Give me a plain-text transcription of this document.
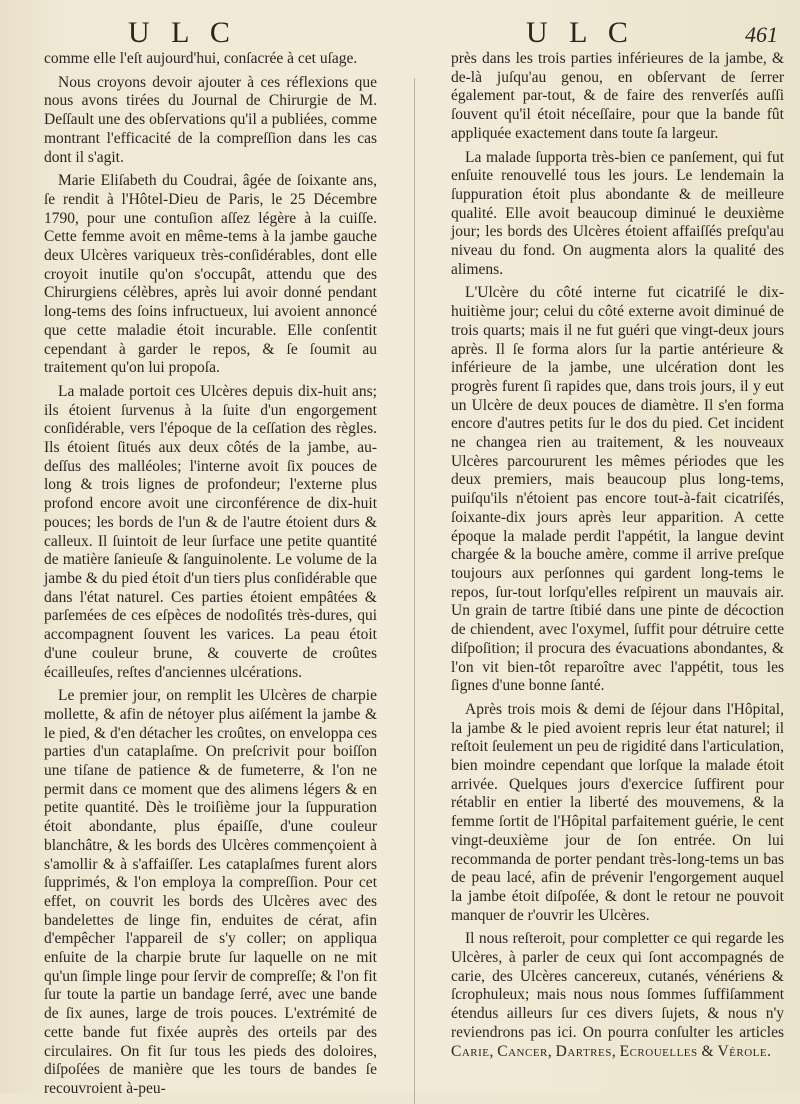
U L C	U L C	461

comme elle l'eſt aujourd'hui, conſacrée à cet uſage.

Nous croyons devoir ajouter à ces réflexions que nous avons tirées du Journal de Chirurgie de M. Deſſault une des obſervations qu'il a publiées, comme montrant l'efficacité de la compreſſion dans les cas dont il s'agit.

Marie Eliſabeth du Coudrai, âgée de ſoixante ans, ſe rendit à l'Hôtel-Dieu de Paris, le 25 Décembre 1790, pour une contuſion aſſez légère à la cuiſſe. Cette femme avoit en même-tems à la jambe gauche deux Ulcères variqueux très-conſidérables, dont elle croyoit inutile qu'on s'occupât, attendu que des Chirurgiens célèbres, après lui avoir donné pendant long-tems des ſoins infructueux, lui avoient annoncé que cette maladie étoit incurable. Elle conſentit cependant à garder le repos, & ſe ſoumit au traitement qu'on lui propoſa.

La malade portoit ces Ulcères depuis dix-huit ans; ils étoient ſurvenus à la ſuite d'un engorgement conſidérable, vers l'époque de la ceſſation des règles. Ils étoient ſitués aux deux côtés de la jambe, au-deſſus des malléoles; l'interne avoit ſix pouces de long & trois lignes de profondeur; l'externe plus profond encore avoit une circonférence de dix-huit pouces; les bords de l'un & de l'autre étoient durs & calleux. Il ſuintoit de leur ſurface une petite quantité de matière ſanieuſe & ſanguinolente. Le volume de la jambe & du pied étoit d'un tiers plus conſidérable que dans l'état naturel. Ces parties étoient empâtées & parſemées de ces eſpèces de nodoſités très-dures, qui accompagnent ſouvent les varices. La peau étoit d'une couleur brune, & couverte de croûtes écailleuſes, reſtes d'anciennes ulcérations.

Le premier jour, on remplit les Ulcères de charpie mollette, & afin de nétoyer plus aiſément la jambe & le pied, & d'en détacher les croûtes, on enveloppa ces parties d'un cataplaſme. On preſcrivit pour boiſſon une tiſane de patience & de fumeterre, & l'on ne permit dans ce moment que des alimens légers & en petite quantité. Dès le troiſième jour la ſuppuration étoit abondante, plus épaiſſe, d'une couleur blanchâtre, & les bords des Ulcères commençoient à s'amollir & à s'affaiſſer. Les cataplaſmes furent alors ſupprimés, & l'on employa la compreſſion. Pour cet effet, on couvrit les bords des Ulcères avec des bandelettes de linge fin, enduites de cérat, afin d'empêcher l'appareil de s'y coller; on appliqua enſuite de la charpie brute ſur laquelle on ne mit qu'un ſimple linge pour ſervir de compreſſe; & l'on fit ſur toute la partie un bandage ſerré, avec une bande de ſix aunes, large de trois pouces. L'extrémité de cette bande fut fixée auprès des orteils par des circulaires. On fit ſur tous les pieds des doloires, diſpoſées de manière que les tours de bandes ſe recouvroient à-peu-

près dans les trois parties inférieures de la jambe, & de-là juſqu'au genou, en obſervant de ſerrer également par-tout, & de faire des renverſés auſſi ſouvent qu'il étoit néceſſaire, pour que la bande fût appliquée exactement dans toute ſa largeur.

La malade ſupporta très-bien ce panſement, qui fut enſuite renouvellé tous les jours. Le lendemain la ſuppuration étoit plus abondante & de meilleure qualité. Elle avoit beaucoup diminué le deuxième jour; les bords des Ulcères étoient affaiſſés preſqu'au niveau du fond. On augmenta alors la qualité des alimens.

L'Ulcère du côté interne fut cicatriſé le dix-huitième jour; celui du côté externe avoit diminué de trois quarts; mais il ne fut guéri que vingt-deux jours après. Il ſe forma alors ſur la partie antérieure & inférieure de la jambe, une ulcération dont les progrès furent ſi rapides que, dans trois jours, il y eut un Ulcère de deux pouces de diamètre. Il s'en forma encore d'autres petits ſur le dos du pied. Cet incident ne changea rien au traitement, & les nouveaux Ulcères parcoururent les mêmes périodes que les deux premiers, mais beaucoup plus long-tems, puiſqu'ils n'étoient pas encore tout-à-fait cicatriſés, ſoixante-dix jours après leur apparition. A cette époque la malade perdit l'appétit, la langue devint chargée & la bouche amère, comme il arrive preſque toujours aux perſonnes qui gardent long-tems le repos, ſur-tout lorſqu'elles reſpirent un mauvais air. Un grain de tartre ſtibié dans une pinte de décoction de chiendent, avec l'oxymel, ſuffit pour détruire cette diſpoſition; il procura des évacuations abondantes, & l'on vit bien-tôt reparoître avec l'appétit, tous les ſignes d'une bonne ſanté.

Après trois mois & demi de ſéjour dans l'Hôpital, la jambe & le pied avoient repris leur état naturel; il reſtoit ſeulement un peu de rigidité dans l'articulation, bien moindre cependant que lorſque la malade étoit arrivée. Quelques jours d'exercice ſuffirent pour rétablir en entier la liberté des mouvemens, & la femme ſortit de l'Hôpital parfaitement guérie, le cent vingt-deuxième jour de ſon entrée. On lui recommanda de porter pendant très-long-tems un bas de peau lacé, afin de prévenir l'engorgement auquel la jambe étoit diſpoſée, & dont le retour ne pouvoit manquer de r'ouvrir les Ulcères.

Il nous reſteroit, pour completter ce qui regarde les Ulcères, à parler de ceux qui ſont accompagnés de carie, des Ulcères cancereux, cutanés, vénériens & ſcrophuleux; mais nous nous ſommes ſuffiſamment étendus ailleurs ſur ces divers ſujets, & nous n'y reviendrons pas ici. On pourra conſulter les articles Carie, Cancer, Dartres, Ecrouelles & Vérole.
